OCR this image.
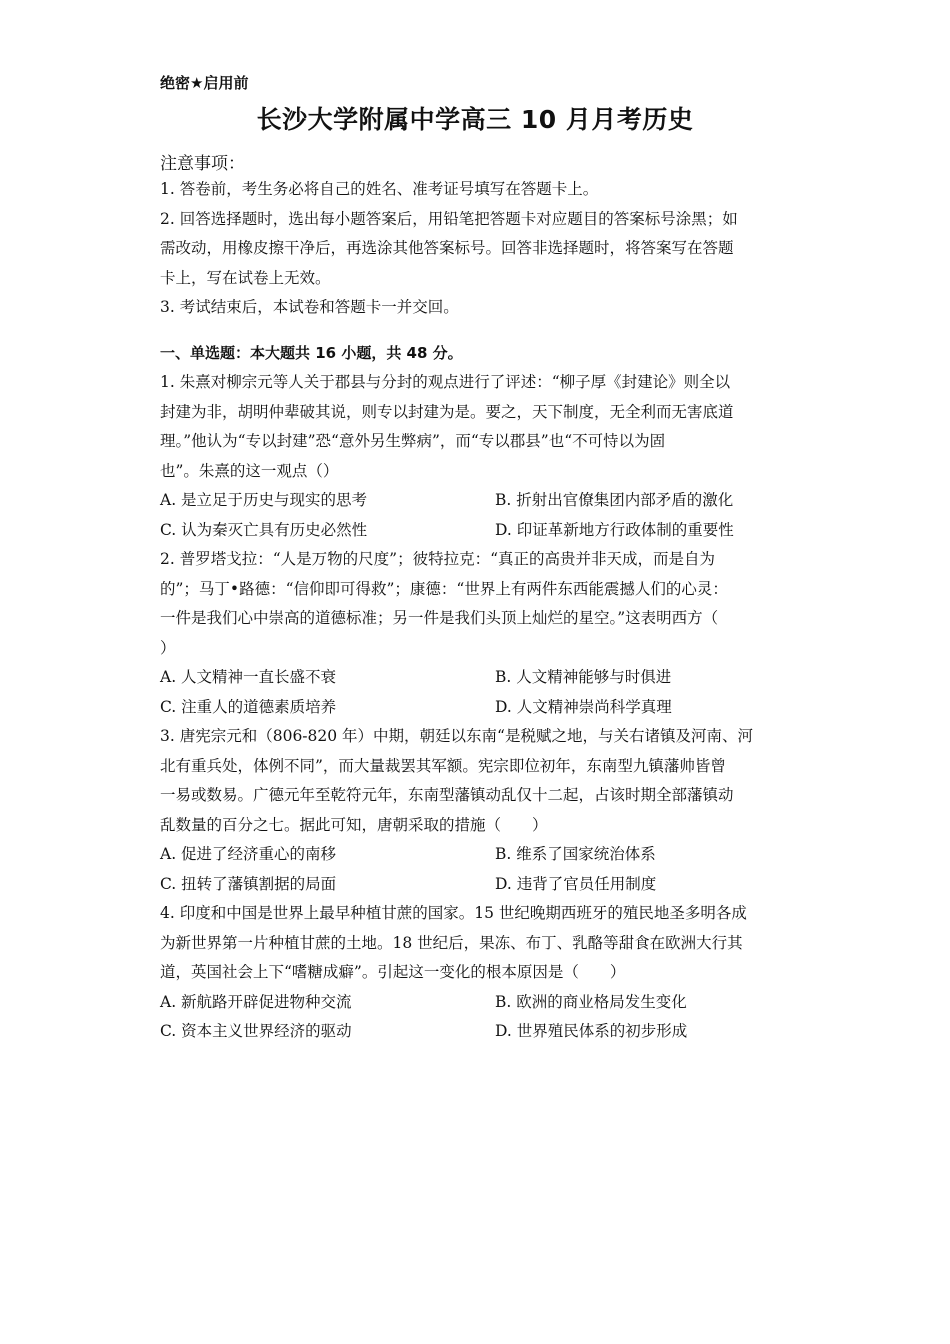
绝密★启用前
长沙大学附属中学高三 10 月月考历史
注意事项：
1. 答卷前，考生务必将自己的姓名、准考证号填写在答题卡上。
2. 回答选择题时，选出每小题答案后，用铅笔把答题卡对应题目的答案标号涂黑；如
需改动，用橡皮擦干净后，再选涂其他答案标号。回答非选择题时，将答案写在答题
卡上，写在试卷上无效。
3. 考试结束后，本试卷和答题卡一并交回。
一、单选题：本大题共 16 小题，共 48 分。
1. 朱熹对柳宗元等人关于郡县与分封的观点进行了评述：“柳子厚《封建论》则全以
封建为非，胡明仲辈破其说，则专以封建为是。要之，天下制度，无全利而无害底道
理。”他认为“专以封建”恐“意外另生弊病”，而“专以郡县”也“不可恃以为固
也”。朱熹的这一观点（）
A. 是立足于历史与现实的思考	B. 折射出官僚集团内部矛盾的激化
C. 认为秦灭亡具有历史必然性	D. 印证革新地方行政体制的重要性
2. 普罗塔戈拉：“人是万物的尺度”；彼特拉克：“真正的高贵并非天成，而是自为
的”；马丁•路德：“信仰即可得救”；康德：“世界上有两件东西能震撼人们的心灵：
一件是我们心中崇高的道德标准；另一件是我们头顶上灿烂的星空。”这表明西方（
）
A. 人文精神一直长盛不衰	B. 人文精神能够与时俱进
C. 注重人的道德素质培养	D. 人文精神崇尚科学真理
3. 唐宪宗元和（806-820 年）中期，朝廷以东南“是税赋之地，与关右诸镇及河南、河
北有重兵处，体例不同”，而大量裁罢其军额。宪宗即位初年，东南型九镇藩帅皆曾
一易或数易。广德元年至乾符元年，东南型藩镇动乱仅十二起，占该时期全部藩镇动
乱数量的百分之七。据此可知，唐朝采取的措施（　　）
A. 促进了经济重心的南移	B. 维系了国家统治体系
C. 扭转了藩镇割据的局面	D. 违背了官员任用制度
4. 印度和中国是世界上最早种植甘蔗的国家。15 世纪晚期西班牙的殖民地圣多明各成
为新世界第一片种植甘蔗的土地。18 世纪后，果冻、布丁、乳酪等甜食在欧洲大行其
道，英国社会上下“嗜糖成癖”。引起这一变化的根本原因是（　　）
A. 新航路开辟促进物种交流	B. 欧洲的商业格局发生变化
C. 资本主义世界经济的驱动	D. 世界殖民体系的初步形成
